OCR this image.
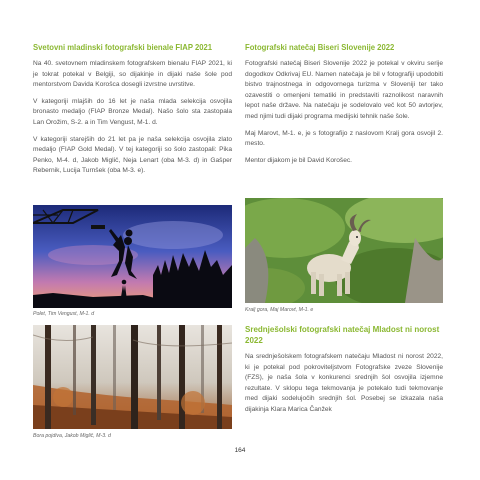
Svetovni mladinski fotografski bienale FIAP 2021

Na 40. svetovnem mladinskem fotografskem bienalu FIAP 2021, ki je tokrat potekal v Belgiji, so dijakinje in dijaki naše šole pod mentorstvom Davida Korošca dosegli izvrstne uvrstitve.

V kategoriji mlajših do 16 let je naša mlada selekcija osvojila bronasto medaljo (FIAP Bronze Medal). Našo šolo sta zastopala Lan Orožim, S-2. a in Tim Vengust, M-1. d.

V kategoriji starejših do 21 let pa je naša selekcija osvojila zlato medaljo (FIAP Gold Medal). V tej kategoriji so šolo zastopali: Pika Penko, M-4. d, Jakob Miglič, Neja Lenart (oba M-3. d) in Gašper Rebernik, Lucija Turnšek (oba M-3. e).

Polet, Tim Vengust, M-1. d
Bora pojdiva, Jakob Miglič, M-3. d
Fotografski natečaj Biseri Slovenije 2022

Fotografski natečaj Biseri Slovenije 2022 je potekal v okviru serije dogodkov Odkrivaj EU. Namen natečaja je bil v fotografiji upodobiti bistvo trajnostnega in odgovornega turizma v Sloveniji ter tako ozavestiti o omenjeni tematiki in predstaviti raznolikost naravnih lepot naše države. Na natečaju je sodelovalo več kot 50 avtorjev, med njimi tudi dijaki programa medijski tehnik naše šole.

Maj Marovt, M-1. e, je s fotografijo z naslovom Kralj gora osvojil 2. mesto.

Mentor dijakom je bil David Korošec.

Kralj gora, Maj Marovt, M-1. e
Srednješolski fotografski natečaj Mladost ni norost 2022

Na srednješolskem fotografskem natečaju Mladost ni norost 2022, ki je potekal pod pokroviteljstvom Fotografske zveze Slovenije (FZS), je naša šola v konkurenci srednjih šol osvojila izjemne rezultate. V sklopu tega tekmovanja je potekalo tudi tekmovanje med dijaki sodelujočih srednjih šol. Posebej se izkazala naša dijakinja Klara Marica Čanžek

164
